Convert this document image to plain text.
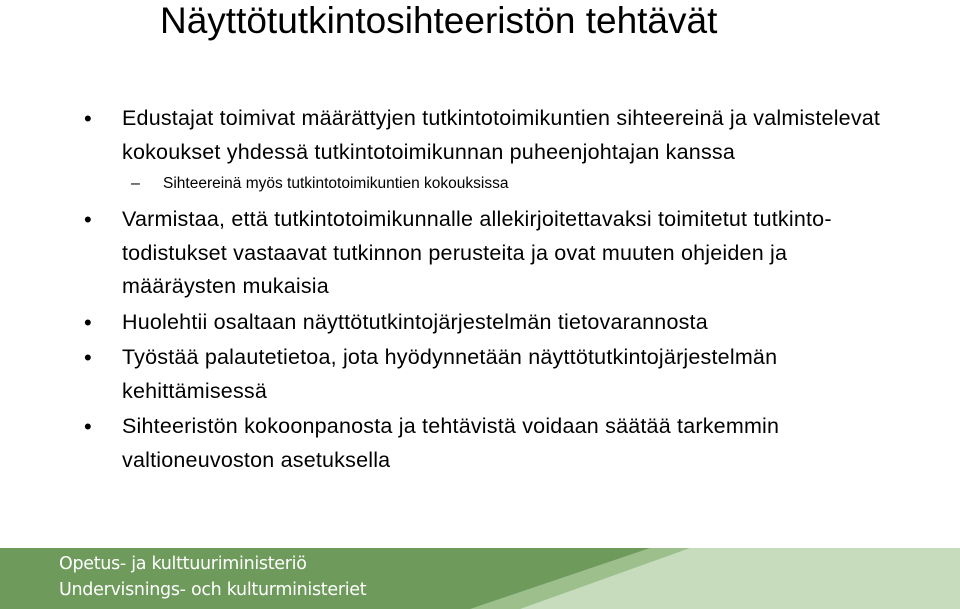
Näyttötutkintosihteeristön tehtävät
• Edustajat toimivat määrättyjen tutkintotoimikuntien sihteereinä ja valmistelevat kokoukset yhdessä tutkintotoimikunnan puheenjohtajan kanssa
– Sihteereinä myös tutkintotoimikuntien kokouksissa
• Varmistaa, että tutkintotoimikunnalle allekirjoitettavaksi toimitetut tutkinto-todistukset vastaavat tutkinnon perusteita ja ovat muuten ohjeiden ja määräysten mukaisia
• Huolehtii osaltaan näyttötutkintojärjestelmän tietovarannosta
• Työstää palautetietoa, jota hyödynnetään näyttötutkintojärjestelmän kehittämisessä
• Sihteeristön kokoonpanosta ja tehtävistä voidaan säätää tarkemmin valtioneuvoston asetuksella
Opetus- ja kulttuuriministeriö
Undervisnings- och kulturministeriet
